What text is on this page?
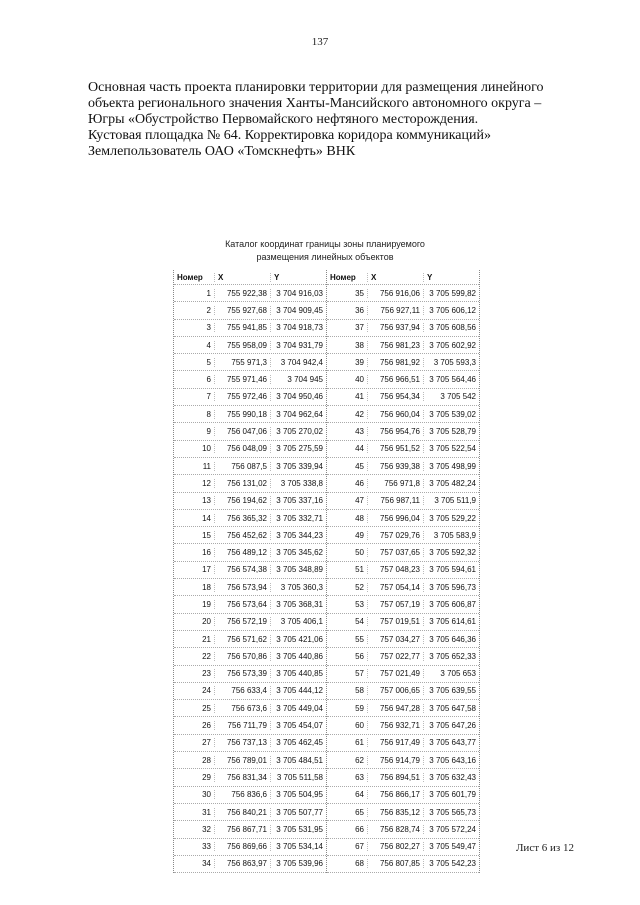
137
Основная часть проекта планировки территории для размещения линейного
объекта регионального значения Ханты-Мансийского автономного округа –
Югры «Обустройство Первомайского нефтяного месторождения.
Кустовая площадка № 64. Корректировка коридора коммуникаций»
Землепользователь ОАО «Томскнефть» ВНК
Каталог координат границы зоны планируемого
размещения линейных объектов
Номер	X	Y
1	755 922,38	3 704 916,03
2	755 927,68	3 704 909,45
3	755 941,85	3 704 918,73
4	755 958,09	3 704 931,79
5	755 971,3	3 704 942,4
6	755 971,46	3 704 945
7	755 972,46	3 704 950,46
8	755 990,18	3 704 962,64
9	756 047,06	3 705 270,02
10	756 048,09	3 705 275,59
11	756 087,5	3 705 339,94
12	756 131,02	3 705 338,8
13	756 194,62	3 705 337,16
14	756 365,32	3 705 332,71
15	756 452,62	3 705 344,23
16	756 489,12	3 705 345,62
17	756 574,38	3 705 348,89
18	756 573,94	3 705 360,3
19	756 573,64	3 705 368,31
20	756 572,19	3 705 406,1
21	756 571,62	3 705 421,06
22	756 570,86	3 705 440,86
23	756 573,39	3 705 440,85
24	756 633,4	3 705 444,12
25	756 673,6	3 705 449,04
26	756 711,79	3 705 454,07
27	756 737,13	3 705 462,45
28	756 789,01	3 705 484,51
29	756 831,34	3 705 511,58
30	756 836,6	3 705 504,95
31	756 840,21	3 705 507,77
32	756 867,71	3 705 531,95
33	756 869,66	3 705 534,14
34	756 863,97	3 705 539,96
Номер	X	Y
35	756 916,06	3 705 599,82
36	756 927,11	3 705 606,12
37	756 937,94	3 705 608,56
38	756 981,23	3 705 602,92
39	756 981,92	3 705 593,3
40	756 966,51	3 705 564,46
41	756 954,34	3 705 542
42	756 960,04	3 705 539,02
43	756 954,76	3 705 528,79
44	756 951,52	3 705 522,54
45	756 939,38	3 705 498,99
46	756 971,8	3 705 482,24
47	756 987,11	3 705 511,9
48	756 996,04	3 705 529,22
49	757 029,76	3 705 583,9
50	757 037,65	3 705 592,32
51	757 048,23	3 705 594,61
52	757 054,14	3 705 596,73
53	757 057,19	3 705 606,87
54	757 019,51	3 705 614,61
55	757 034,27	3 705 646,36
56	757 022,77	3 705 652,33
57	757 021,49	3 705 653
58	757 006,65	3 705 639,55
59	756 947,28	3 705 647,58
60	756 932,71	3 705 647,26
61	756 917,49	3 705 643,77
62	756 914,79	3 705 643,16
63	756 894,51	3 705 632,43
64	756 866,17	3 705 601,79
65	756 835,12	3 705 565,73
66	756 828,74	3 705 572,24
67	756 802,27	3 705 549,47
68	756 807,85	3 705 542,23
Лист 6 из 12
